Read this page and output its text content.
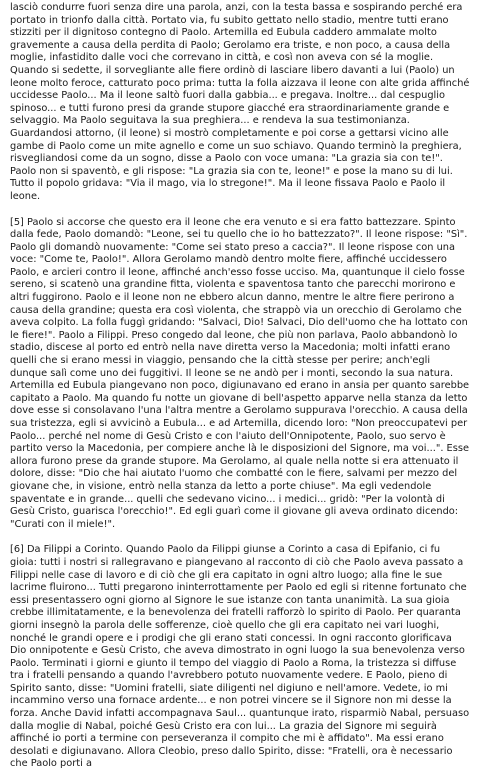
lasciò condurre fuori senza dire una parola, anzi, con la testa bassa e sospirando perché era portato in trionfo dalla città. Portato via, fu subito gettato nello stadio, mentre tutti erano stizziti per il dignitoso contegno di Paolo. Artemilla ed Eubula caddero ammalate molto gravemente a causa della perdita di Paolo; Gerolamo era triste, e non poco, a causa della moglie, infastidito dalle voci che correvano in città, e così non aveva con sé la moglie. Quando si sedette, il sorvegliante alle fiere ordinò di lasciare libero davanti a lui (Paolo) un leone molto feroce, catturato poco prima: tutta la folla aizzava il leone con alte grida affinché uccidesse Paolo... Ma il leone saltò fuori dalla gabbia... e pregava. Inoltre... dal cespuglio spinoso... e tutti furono presi da grande stupore giacché era straordinariamente grande e selvaggio. Ma Paolo seguitava la sua preghiera... e rendeva la sua testimonianza. Guardandosi attorno, (il leone) si mostrò completamente e poi corse a gettarsi vicino alle gambe di Paolo come un mite agnello e come un suo schiavo. Quando terminò la preghiera, risvegliandosi come da un sogno, disse a Paolo con voce umana: "La grazia sia con te!". Paolo non si spaventò, e gli rispose: "La grazia sia con te, leone!" e pose la mano su di lui. Tutto il popolo gridava: "Via il mago, via lo stregone!". Ma il leone fissava Paolo e Paolo il leone.

[5] Paolo si accorse che questo era il leone che era venuto e si era fatto battezzare. Spinto dalla fede, Paolo domandò: "Leone, sei tu quello che io ho battezzato?". Il leone rispose: "Sì". Paolo gli domandò nuovamente: "Come sei stato preso a caccia?". Il leone rispose con una voce: "Come te, Paolo!". Allora Gerolamo mandò dentro molte fiere, affinché uccidessero Paolo, e arcieri contro il leone, affinché anch'esso fosse ucciso. Ma, quantunque il cielo fosse sereno, si scatenò una grandine fitta, violenta e spaventosa tanto che parecchi morirono e altri fuggirono. Paolo e il leone non ne ebbero alcun danno, mentre le altre fiere perirono a causa della grandine; questa era così violenta, che strappò via un orecchio di Gerolamo che aveva colpito. La folla fuggì gridando: "Salvaci, Dio! Salvaci, Dio dell'uomo che ha lottato con le fiere!". Paolo a Filippi. Preso congedo dal leone, che più non parlava, Paolo abbandonò lo stadio, discese al porto ed entrò nella nave diretta verso la Macedonia; molti infatti erano quelli che si erano messi in viaggio, pensando che la città stesse per perire; anch'egli dunque salì come uno dei fuggitivi. Il leone se ne andò per i monti, secondo la sua natura. Artemilla ed Eubula piangevano non poco, digiunavano ed erano in ansia per quanto sarebbe capitato a Paolo. Ma quando fu notte un giovane di bell'aspetto apparve nella stanza da letto dove esse si consolavano l'una l'altra mentre a Gerolamo suppurava l'orecchio. A causa della sua tristezza, egli si avvicinò a Eubula... e ad Artemilla, dicendo loro: "Non preoccupatevi per Paolo... perché nel nome di Gesù Cristo e con l'aiuto dell'Onnipotente, Paolo, suo servo è partito verso la Macedonia, per compiere anche là le disposizioni del Signore, ma voi...". Esse allora furono prese da grande stupore. Ma Gerolamo, al quale nella notte si era attenuato il dolore, disse: "Dio che hai aiutato l'uomo che combatté con le fiere, salvami per mezzo del giovane che, in visione, entrò nella stanza da letto a porte chiuse". Ma egli vedendole spaventate e in grande... quelli che sedevano vicino... i medici... gridò: "Per la volontà di Gesù Cristo, guarisca l'orecchio!". Ed egli guarì come il giovane gli aveva ordinato dicendo: "Curati con il miele!".

[6] Da Filippi a Corinto. Quando Paolo da Filippi giunse a Corinto a casa di Epifanio, ci fu gioia: tutti i nostri si rallegravano e piangevano al racconto di ciò che Paolo aveva passato a Filippi nelle case di lavoro e di ciò che gli era capitato in ogni altro luogo; alla fine le sue lacrime fluirono... Tutti pregarono ininterrottamente per Paolo ed egli si ritenne fortunato che essi presentassero ogni giorno al Signore le sue istanze con tanta unanimità. La sua gioia crebbe illimitatamente, e la benevolenza dei fratelli rafforzò lo spirito di Paolo. Per quaranta giorni insegnò la parola delle sofferenze, cioè quello che gli era capitato nei vari luoghi, nonché le grandi opere e i prodigi che gli erano stati concessi. In ogni racconto glorificava Dio onnipotente e Gesù Cristo, che aveva dimostrato in ogni luogo la sua benevolenza verso Paolo. Terminati i giorni e giunto il tempo del viaggio di Paolo a Roma, la tristezza si diffuse tra i fratelli pensando a quando l'avrebbero potuto nuovamente vedere. E Paolo, pieno di Spirito santo, disse: "Uomini fratelli, siate diligenti nel digiuno e nell'amore. Vedete, io mi incammino verso una fornace ardente... e non potrei vincere se il Signore non mi desse la forza. Anche David infatti accompagnava Saul... quantunque irato, risparmiò Nabal, persuaso dalla moglie di Nabal, poiché Gesù Cristo era con lui... La grazia del Signore mi seguirà affinché io porti a termine con perseveranza il compito che mi è affidato". Ma essi erano desolati e digiunavano. Allora Cleobio, preso dallo Spirito, disse: "Fratelli, ora è necessario che Paolo porti a
